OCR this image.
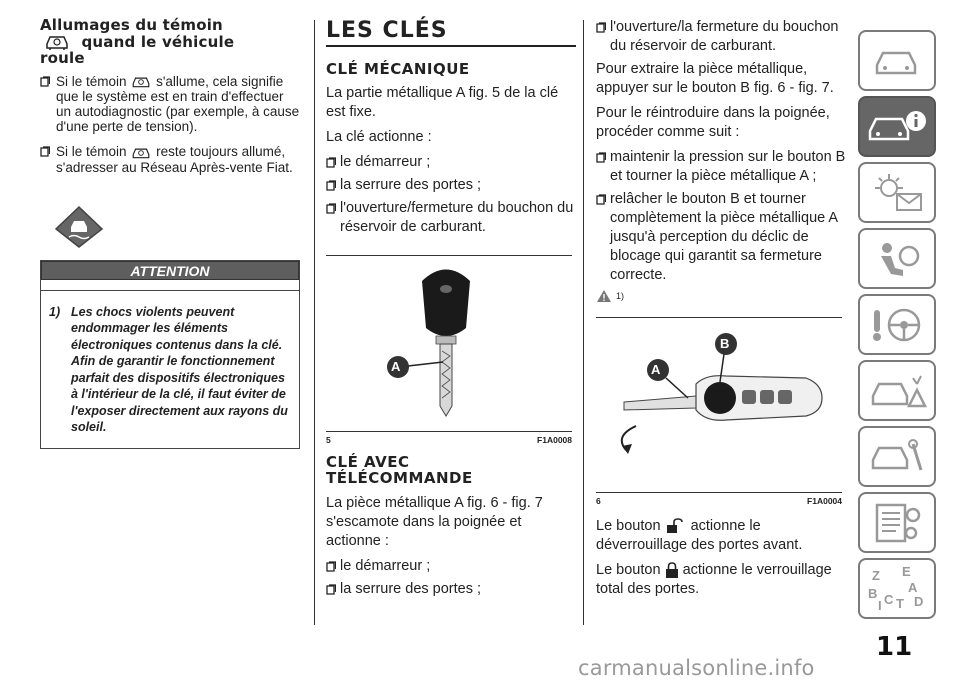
Allumages du témoin
quand le véhicule
roule
Si le témoin s'allume, cela signifie que le système est en train d'effectuer un autodiagnostic (par exemple, à cause d'une perte de tension).
Si le témoin reste toujours allumé, s'adresser au Réseau Après-vente Fiat.
ATTENTION
1) Les chocs violents peuvent
endommager les éléments électroniques contenus dans la clé. Afin de garantir le fonctionnement parfait des dispositifs électroniques à l'intérieur de la clé, il faut éviter de l'exposer directement aux rayons du soleil.
LES CLÉS
CLÉ MÉCANIQUE
La partie métallique A fig. 5 de la clé est fixe.
La clé actionne :
le démarreur ;
la serrure des portes ;
l'ouverture/fermeture du bouchon du réservoir de carburant.
A
5	F1A0008
CLÉ AVEC
TÉLÉCOMMANDE
La pièce métallique A fig. 6 - fig. 7 s'escamote dans la poignée et actionne :
le démarreur ;
la serrure des portes ;
l'ouverture/la fermeture du bouchon du réservoir de carburant.
Pour extraire la pièce métallique, appuyer sur le bouton B fig. 6 - fig. 7.
Pour le réintroduire dans la poignée, procéder comme suit :
maintenir la pression sur le bouton B et tourner la pièce métallique A ;
relâcher le bouton B et tourner complètement la pièce métallique A jusqu'à perception du déclic de blocage qui garantit sa fermeture correcte.
1)
A
B
6	F1A0004
Le bouton actionne le déverrouillage des portes avant.
Le bouton actionne le verrouillage total des portes.
Z E
B A
C T D
I
11
carmanualsonline.info
